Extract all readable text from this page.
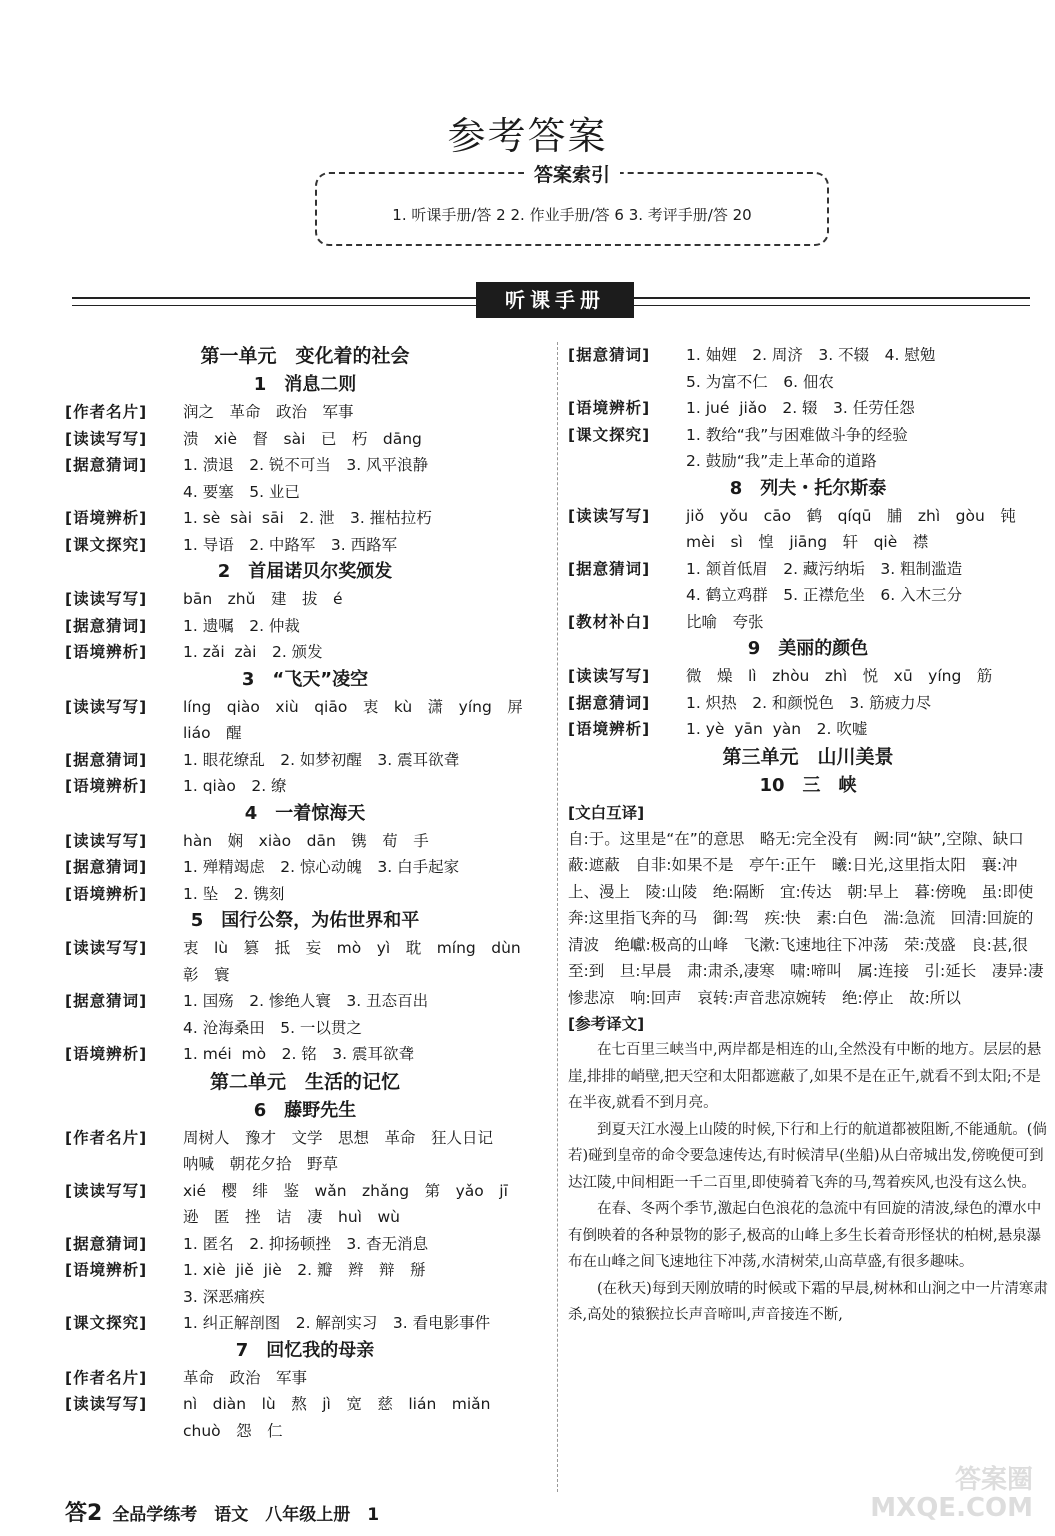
参考答案
答案索引
1. 听课手册/答 2 2. 作业手册/答 6 3. 考评手册/答 20
听课手册
第一单元　变化着的社会
1　消息二则
[作者名片]	润之　革命　政治　军事
[读读写写]	溃　xiè　督　sài　已　朽　dāng
[据意猜词]	1. 溃退　2. 锐不可当　3. 风平浪静
4. 要塞　5. 业已
[语境辨析]	1. sè  sài  sāi　2. 泄　3. 摧枯拉朽
[课文探究]	1. 导语　2. 中路军　3. 西路军
2　首届诺贝尔奖颁发
[读读写写]	bān　zhǔ　建　拔　é
[据意猜词]	1. 遗嘱　2. 仲裁
[语境辨析]	1. zǎi  zài　2. 颁发
3　“飞天”凌空
[读读写写]	líng　qiào　xiù　qiāo　衷　kù　潇　yíng　屏
liáo　醒
[据意猜词]	1. 眼花缭乱　2. 如梦初醒　3. 震耳欲聋
[语境辨析]	1. qiào　2. 缭
4　一着惊海天
[读读写写]	hàn　娴　xiào　dān　镌　荀　手
[据意猜词]	1. 殚精竭虑　2. 惊心动魄　3. 白手起家
[语境辨析]	1. 坠　2. 镌刻
5　国行公祭，为佑世界和平
[读读写写]	衷　lù　篡　抵　妄　mò　yì　耽　míng　dùn
彰　寰
[据意猜词]	1. 国殇　2. 惨绝人寰　3. 丑态百出
4. 沧海桑田　5. 一以贯之
[语境辨析]	1. méi  mò　2. 铭　3. 震耳欲聋
第二单元　生活的记忆
6　藤野先生
[作者名片]	周树人　豫才　文学　思想　革命　狂人日记
呐喊　朝花夕拾　野草
[读读写写]	xié　樱　绯　鉴　wǎn　zhǎng　第　yǎo　jī
逊　匿　挫　诘　凄　huì　wù
[据意猜词]	1. 匿名　2. 抑扬顿挫　3. 杳无消息
[语境辨析]	1. xiè  jiě  jiè　2. 瓣　辫　辩　掰
3. 深恶痛疾
[课文探究]	1. 纠正解剖图　2. 解剖实习　3. 看电影事件
7　回忆我的母亲
[作者名片]	革命　政治　军事
[读读写写]	nì　diàn　lù　熬　jì　宽　慈　lián　miǎn
chuò　怨　仁
[据意猜词]	1. 妯娌　2. 周济　3. 不辍　4. 慰勉
5. 为富不仁　6. 佃农
[语境辨析]	1. jué  jiǎo　2. 辍　3. 任劳任怨
[课文探究]	1. 教给“我”与困难做斗争的经验
2. 鼓励“我”走上革命的道路
8　列夫・托尔斯泰
[读读写写]	jiǒ　yǒu　cāo　鹤　qíqū　脯　zhì　gòu　钝
mèi　sì　惶　jiāng　轩　qiè　襟
[据意猜词]	1. 颔首低眉　2. 藏污纳垢　3. 粗制滥造
4. 鹤立鸡群　5. 正襟危坐　6. 入木三分
[教材补白]	比喻　夸张
9　美丽的颜色
[读读写写]	微　燥　lì　zhòu　zhì　悦　xū　yíng　筋
[据意猜词]	1. 炽热　2. 和颜悦色　3. 筋疲力尽
[语境辨析]	1. yè  yān  yàn　2. 吹嘘
第三单元　山川美景
10　三　峡
[文白互译]
自:于。这里是“在”的意思　略无:完全没有　阙:同“缺”,空隙、缺口　蔽:遮蔽　自非:如果不是　亭午:正午　曦:日光,这里指太阳　襄:冲上、漫上　陵:山陵　绝:隔断　宜:传达　朝:早上　暮:傍晚　虽:即使　奔:这里指飞奔的马　御:驾　疾:快　素:白色　湍:急流　回清:回旋的清波　绝巘:极高的山峰　飞漱:飞速地往下冲荡　荣:茂盛　良:甚,很　至:到　旦:早晨　肃:肃杀,凄寒　啸:啼叫　属:连接　引:延长　凄异:凄惨悲凉　响:回声　哀转:声音悲凉婉转　绝:停止　故:所以
[参考译文]

在七百里三峡当中,两岸都是相连的山,全然没有中断的地方。层层的悬崖,排排的峭壁,把天空和太阳都遮蔽了,如果不是在正午,就看不到太阳;不是在半夜,就看不到月亮。

到夏天江水漫上山陵的时候,下行和上行的航道都被阻断,不能通航。(倘若)碰到皇帝的命令要急速传达,有时候清早(坐船)从白帝城出发,傍晚便可到达江陵,中间相距一千二百里,即使骑着飞奔的马,驾着疾风,也没有这么快。

在春、冬两个季节,激起白色浪花的急流中有回旋的清波,绿色的潭水中有倒映着的各种景物的影子,极高的山峰上多生长着奇形怪状的柏树,悬泉瀑布在山峰之间飞速地往下冲荡,水清树荣,山高草盛,有很多趣味。

(在秋天)每到天刚放晴的时候或下霜的早晨,树林和山涧之中一片清寒肃杀,高处的猿猴拉长声音啼叫,声音接连不断,

答2 全品学练考　语文　八年级上册　1
答案圈
MXQE.COM
